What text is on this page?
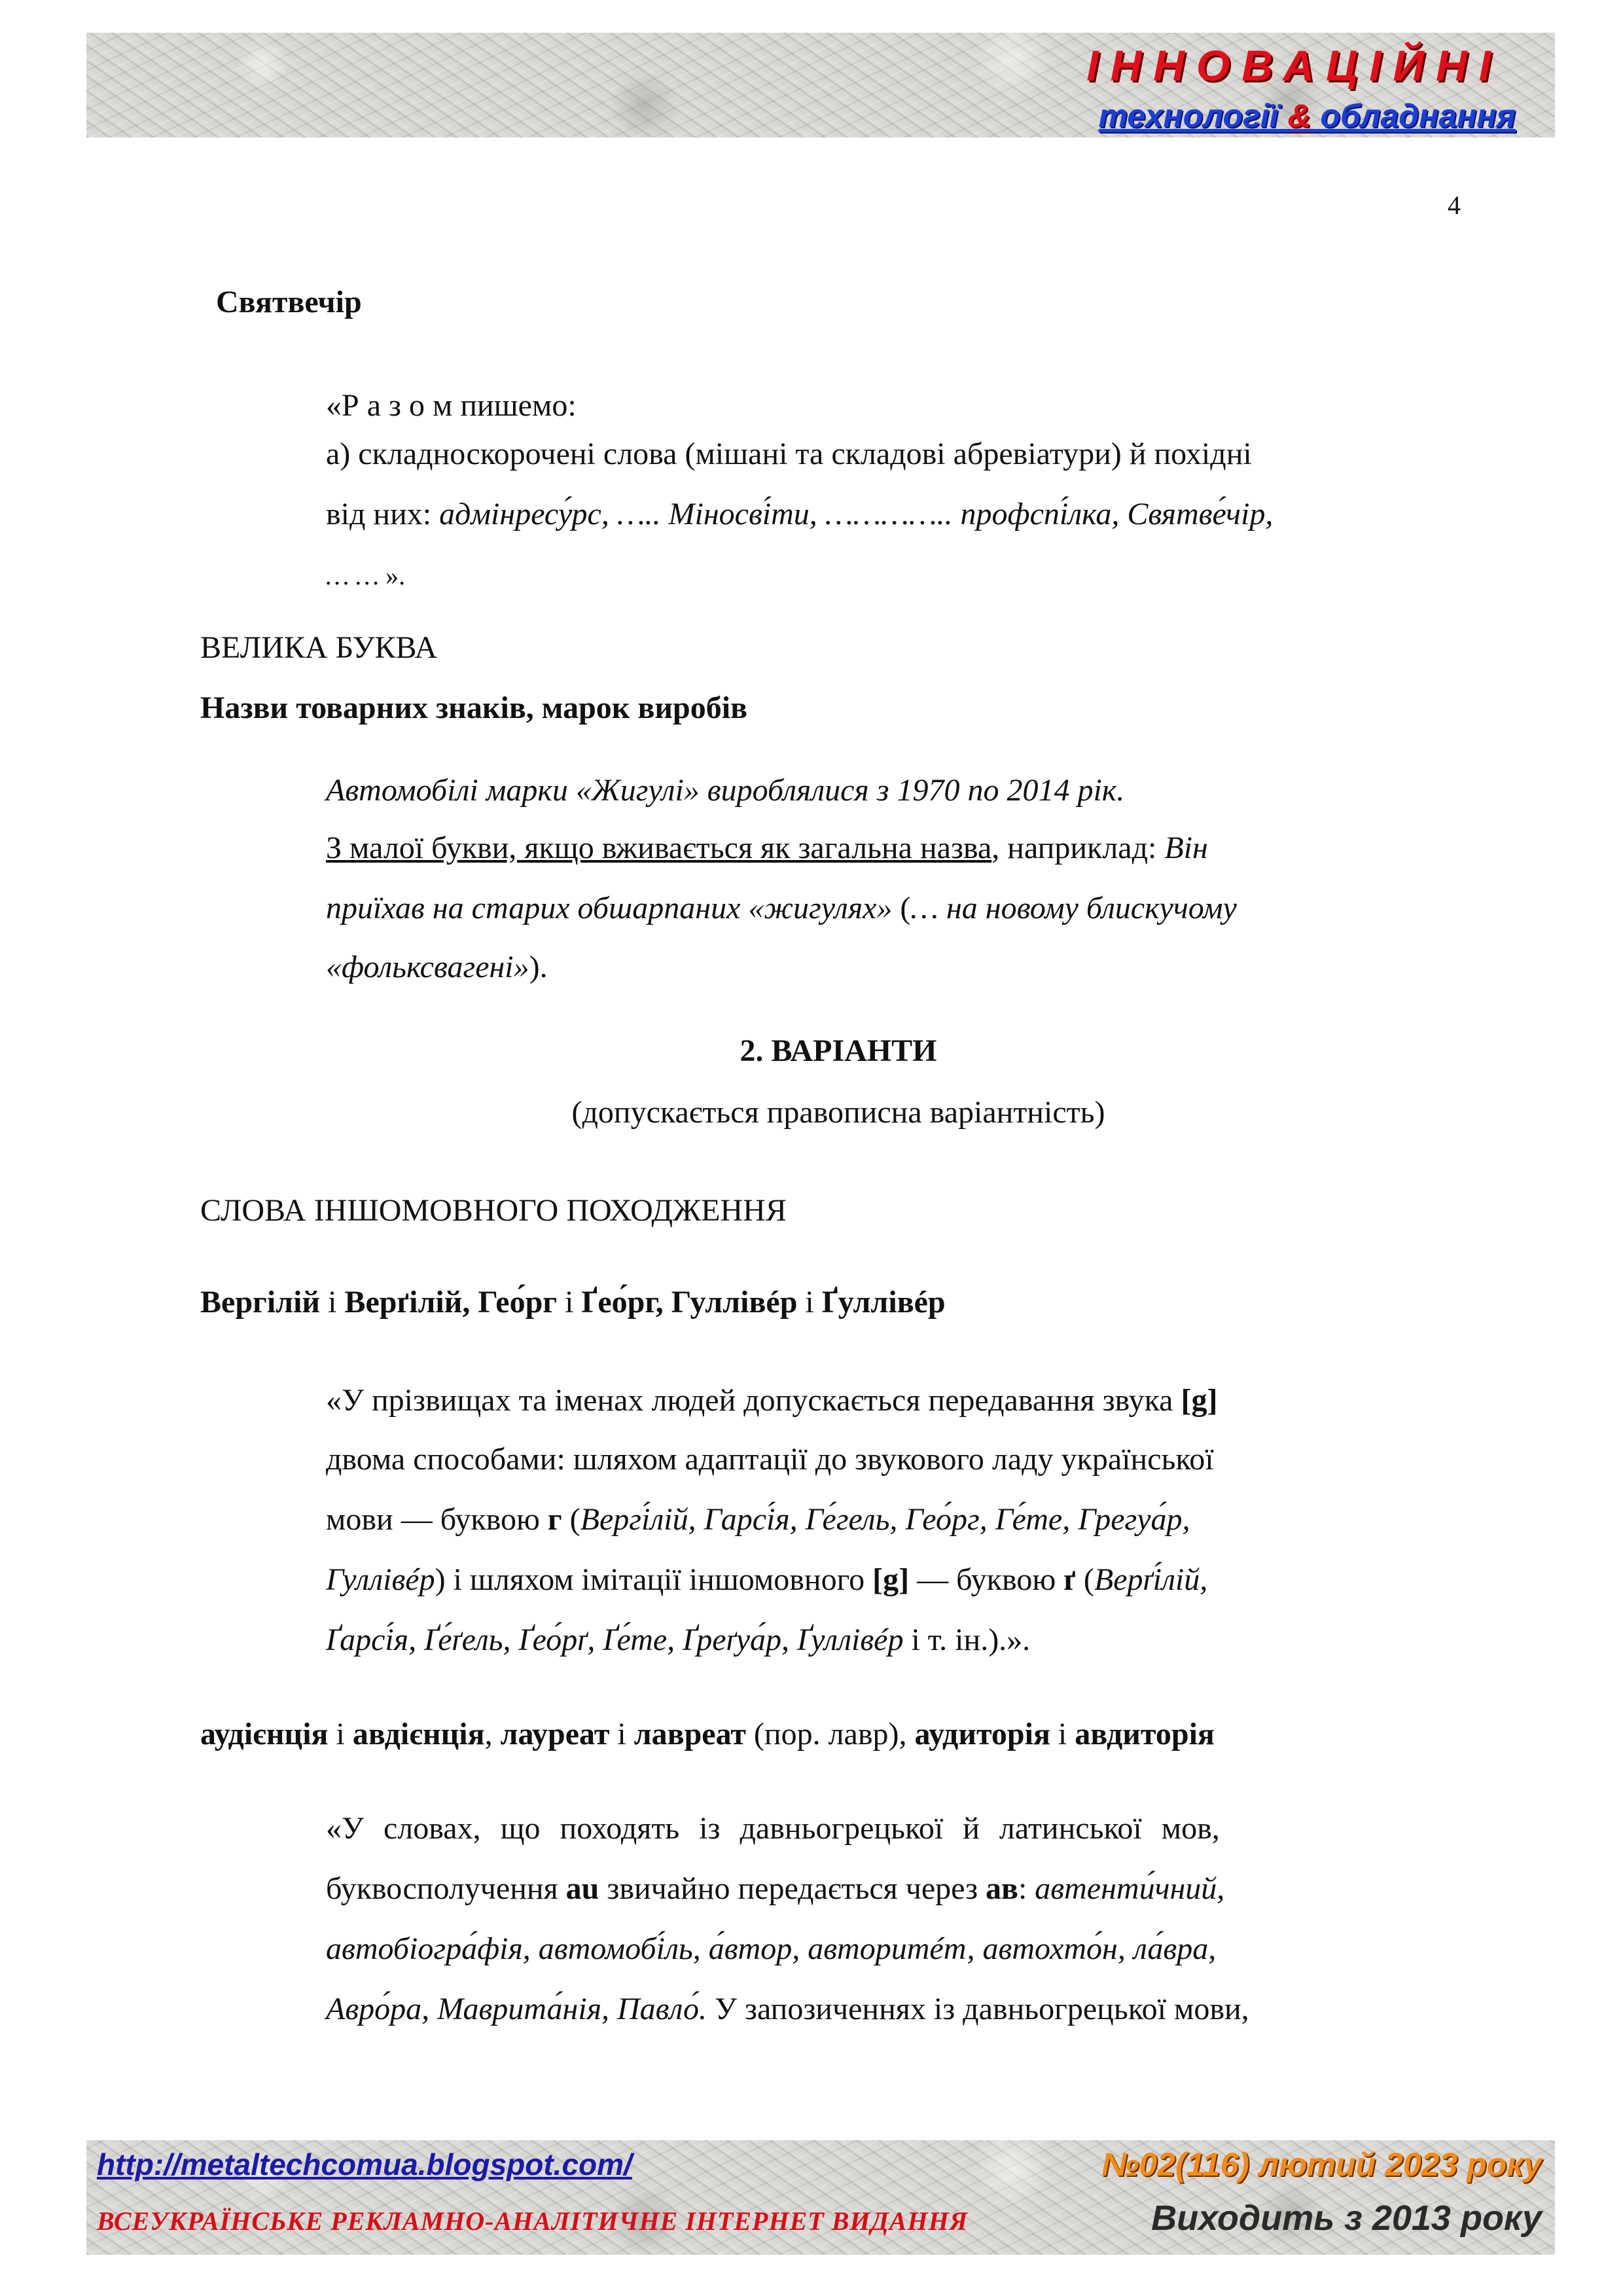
ІННОВАЦІЙНІ
технології & обладнання
4
Святвечір
«Р а з о м пишемо:
а) складноскорочені слова (мішані та складові абревіатури) й похідні
від них: адмінресу́рс, ….. Міносві́ти, ………….. профспі́лка, Святве́чір,
… … ».
ВЕЛИКА БУКВА
Назви товарних знаків, марок виробів
Автомобілі марки «Жигулі» вироблялися з 1970 по 2014 рік.
З малої букви, якщо вживається як загальна назва, наприклад: Він
приїхав на старих обшарпаних «жигулях» (… на новому блискучому
«фольксвагені»).
2. ВАРІАНТИ
(допускається правописна варіантність)
СЛОВА ІНШОМОВНОГО ПОХОДЖЕННЯ
Вергілій і Верґілій, Гео́рг і Ґео́рг, Гуллівéр і Ґуллівéр
«У прізвищах та іменах людей допускається передавання звука [g]
двома способами: шляхом адаптації до звукового ладу української
мови — буквою г (Вергі́лій, Гарсі́я, Ге́гель, Гео́рг, Ге́те, Грегуа́р,
Гуллівéр) і шляхом імітації іншомовного [g] — буквою ґ (Верґі́лій,
Ґарсі́я, Ґе́ґель, Ґео́рґ, Ґе́те, Ґреґуа́р, Ґуллівéр і т. ін.).».
аудієнція і авдієнція, лауреат і лавреат (пор. лавр), аудиторія і авдиторія
«У словах, що походять із давньогрецької й латинської мов,
буквосполучення au звичайно передається через ав: автенти́чний,
автобіогра́фія, автомобі́ль, а́втор, авторитéт, автохто́н, ла́вра,
Авро́ра, Маврита́нія, Павло́. У запозиченнях із давньогрецької мови,
http://metaltechcomua.blogspot.com/
ВСЕУКРАЇНСЬКЕ РЕКЛАМНО-АНАЛІТИЧНЕ ІНТЕРНЕТ ВИДАННЯ
№02(116) лютий 2023 року
Виходить з 2013 року
